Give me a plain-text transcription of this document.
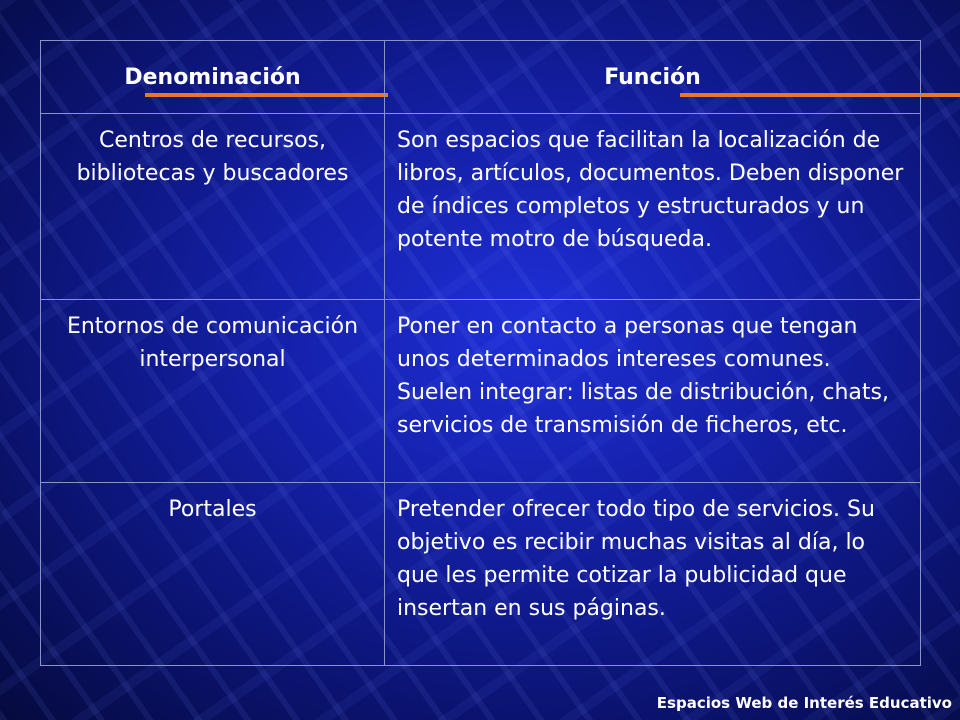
Denominación	Función
Centros de recursos, bibliotecas y buscadores	Son espacios que facilitan la localización de libros, artículos, documentos. Deben disponer de índices completos y estructurados y un potente motro de búsqueda.
Entornos de comunicación interpersonal	Poner en contacto a personas que tengan unos determinados intereses comunes. Suelen integrar: listas de distribución, chats, servicios de transmisión de ficheros, etc.
Portales	Pretender ofrecer todo tipo de servicios. Su objetivo es recibir muchas visitas al día, lo que les permite cotizar la publicidad que insertan en sus páginas.
Espacios Web de Interés Educativo
